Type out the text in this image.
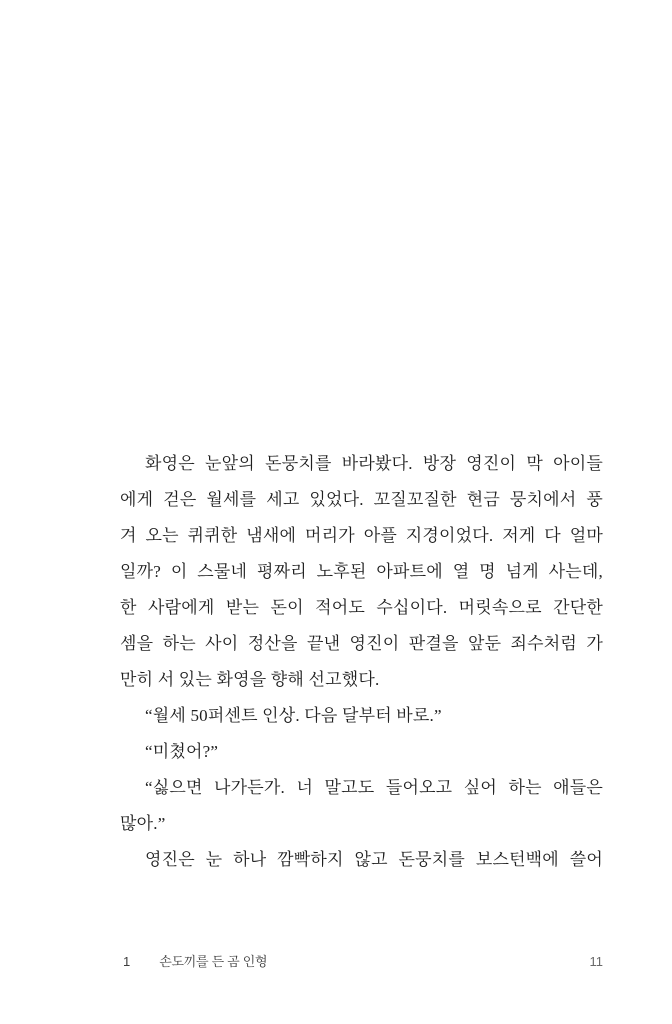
화영은 눈앞의 돈뭉치를 바라봤다. 방장 영진이 막 아이들
에게 걷은 월세를 세고 있었다. 꼬질꼬질한 현금 뭉치에서 풍
겨 오는 퀴퀴한 냄새에 머리가 아플 지경이었다. 저게 다 얼마
일까? 이 스물네 평짜리 노후된 아파트에 열 명 넘게 사는데,
한 사람에게 받는 돈이 적어도 수십이다. 머릿속으로 간단한
셈을 하는 사이 정산을 끝낸 영진이 판결을 앞둔 죄수처럼 가
만히 서 있는 화영을 향해 선고했다.
“월세 50퍼센트 인상. 다음 달부터 바로.”
“미쳤어?”
“싫으면 나가든가. 너 말고도 들어오고 싶어 하는 애들은
많아.”
영진은 눈 하나 깜빡하지 않고 돈뭉치를 보스턴백에 쓸어
1 손도끼를 든 곰 인형	11
